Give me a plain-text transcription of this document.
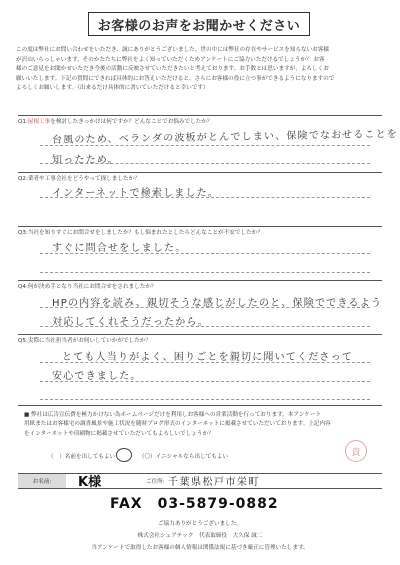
お客様のお声をお聞かせください

この度は弊社にお問い合わせをいただき、誠にありがとうございました。世の中には弊社の存在やサービスを知らないお客様

が沢山いらっしゃいます。そのかたたちに弊社をよく知っていただくためアンケートにご協力いただけるでしょうか？ お客

様のご意見をお聞かせいただき今後の活動に反映させていただきたいと考えております。お手数とは思いますが、よろしくお

願いいたします。下記の質問にできれば具体的にお答えいただけると、さらにお客様の役に立つ事ができるようになりますので

よろしくお願いします。（出来るだけ具体的に書いていただけると幸いです）

Q1:屋根工事を検討したきっかけは何ですか？どんなことでお悩みでしたか？
台風のため、ベランダの波板がとんでしまい、保険でなおせることを
知ったため。
Q2:業者や工事会社をどうやって探しましたか？
インターネットで検索しました。
Q3:当社を知りすぐにお問合せをしましたか？もし悩まれたとしたらどんなことが不安でしたか？
すぐに問合せをしました。
Q4:何が決め手となり当社にお問合せをされましたか？
HPの内容を読み、親切そうな感じがしたのと、保険でできるよう
対応してくれそうだったから。
Q5:実際に当社担当者がお伺いしていかがでしたか？
とても人当りがよく、困りごとを親切に聞いてくださって
安心できました。

■ 弊社は広告宣伝費を極力かけない為ホームページだけを利用しお客様への営業活動を行っております。本アンケート

用紙またはお客様宅の調査風景や施工状況を随時ブログ形式のインターネットに掲載させていただいております。上記内容

をインターネットや印刷物に掲載させていただいてもよろしいでしょうか？

（　）名前を出してもよい	（〇）イニシャルなら出してもよい	貴
お名前:	K様	ご住所: 千葉県松戸市栄町
FAX　03-5879-0882
ご協力ありがとうございました。
株式会社シェアテック　代表取締役　大久保 誠二
当アンケートで取得したお客様の個人情報は関係法規に基づき厳正に管理いたします。
